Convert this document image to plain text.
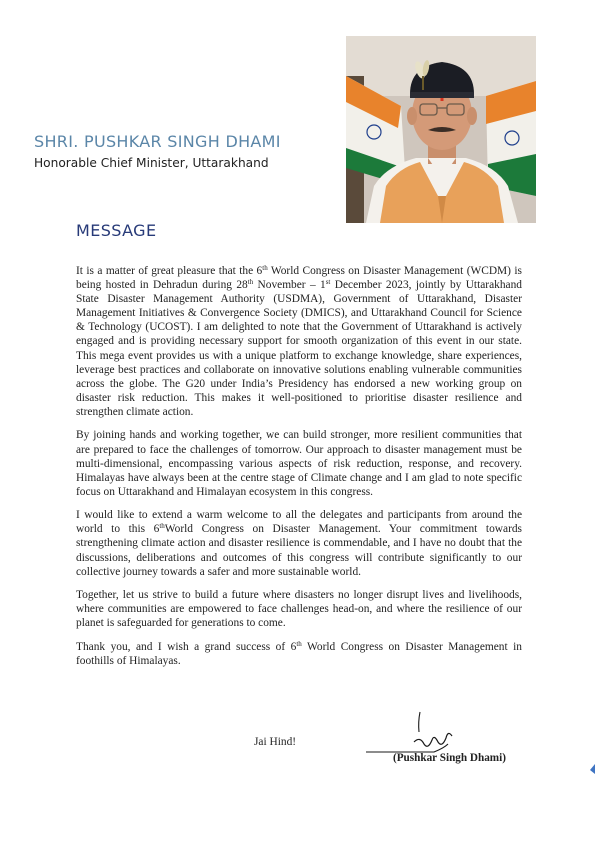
SHRI. PUSHKAR SINGH DHAMI
Honorable Chief Minister, Uttarakhand
MESSAGE

It is a matter of great pleasure that the 6th World Congress on Disaster Management (WCDM) is being hosted in Dehradun during 28th November – 1st December 2023, jointly by Uttarakhand State Disaster Management Authority (USDMA), Government of Uttarakhand, Disaster Management Initiatives & Convergence Society (DMICS), and Uttarakhand Council for Science & Technology (UCOST). I am delighted to note that the Government of Uttarakhand is actively engaged and is providing necessary support for smooth organization of this event in our state. This mega event provides us with a unique platform to exchange knowledge, share experiences, leverage best practices and collaborate on innovative solutions enabling vulnerable communities across the globe. The G20 under India’s Presidency has endorsed a new working group on disaster risk reduction. This makes it well-positioned to prioritise disaster resilience and strengthen climate action.

By joining hands and working together, we can build stronger, more resilient communities that are prepared to face the challenges of tomorrow. Our approach to disaster management must be multi-dimensional, encompassing various aspects of risk reduction, response, and recovery. Himalayas have always been at the centre stage of Climate change and I am glad to note specific focus on Uttarakhand and Himalayan ecosystem in this congress.

I would like to extend a warm welcome to all the delegates and participants from around the world to this 6thWorld Congress on Disaster Management. Your commitment towards strengthening climate action and disaster resilience is commendable, and I have no doubt that the discussions, deliberations and outcomes of this congress will contribute significantly to our collective journey towards a safer and more sustainable world.

Together, let us strive to build a future where disasters no longer disrupt lives and livelihoods, where communities are empowered to face challenges head-on, and where the resilience of our planet is safeguarded for generations to come.

Thank you, and I wish a grand success of 6th World Congress on Disaster Management in foothills of Himalayas.

Jai Hind!
(Pushkar Singh Dhami)
